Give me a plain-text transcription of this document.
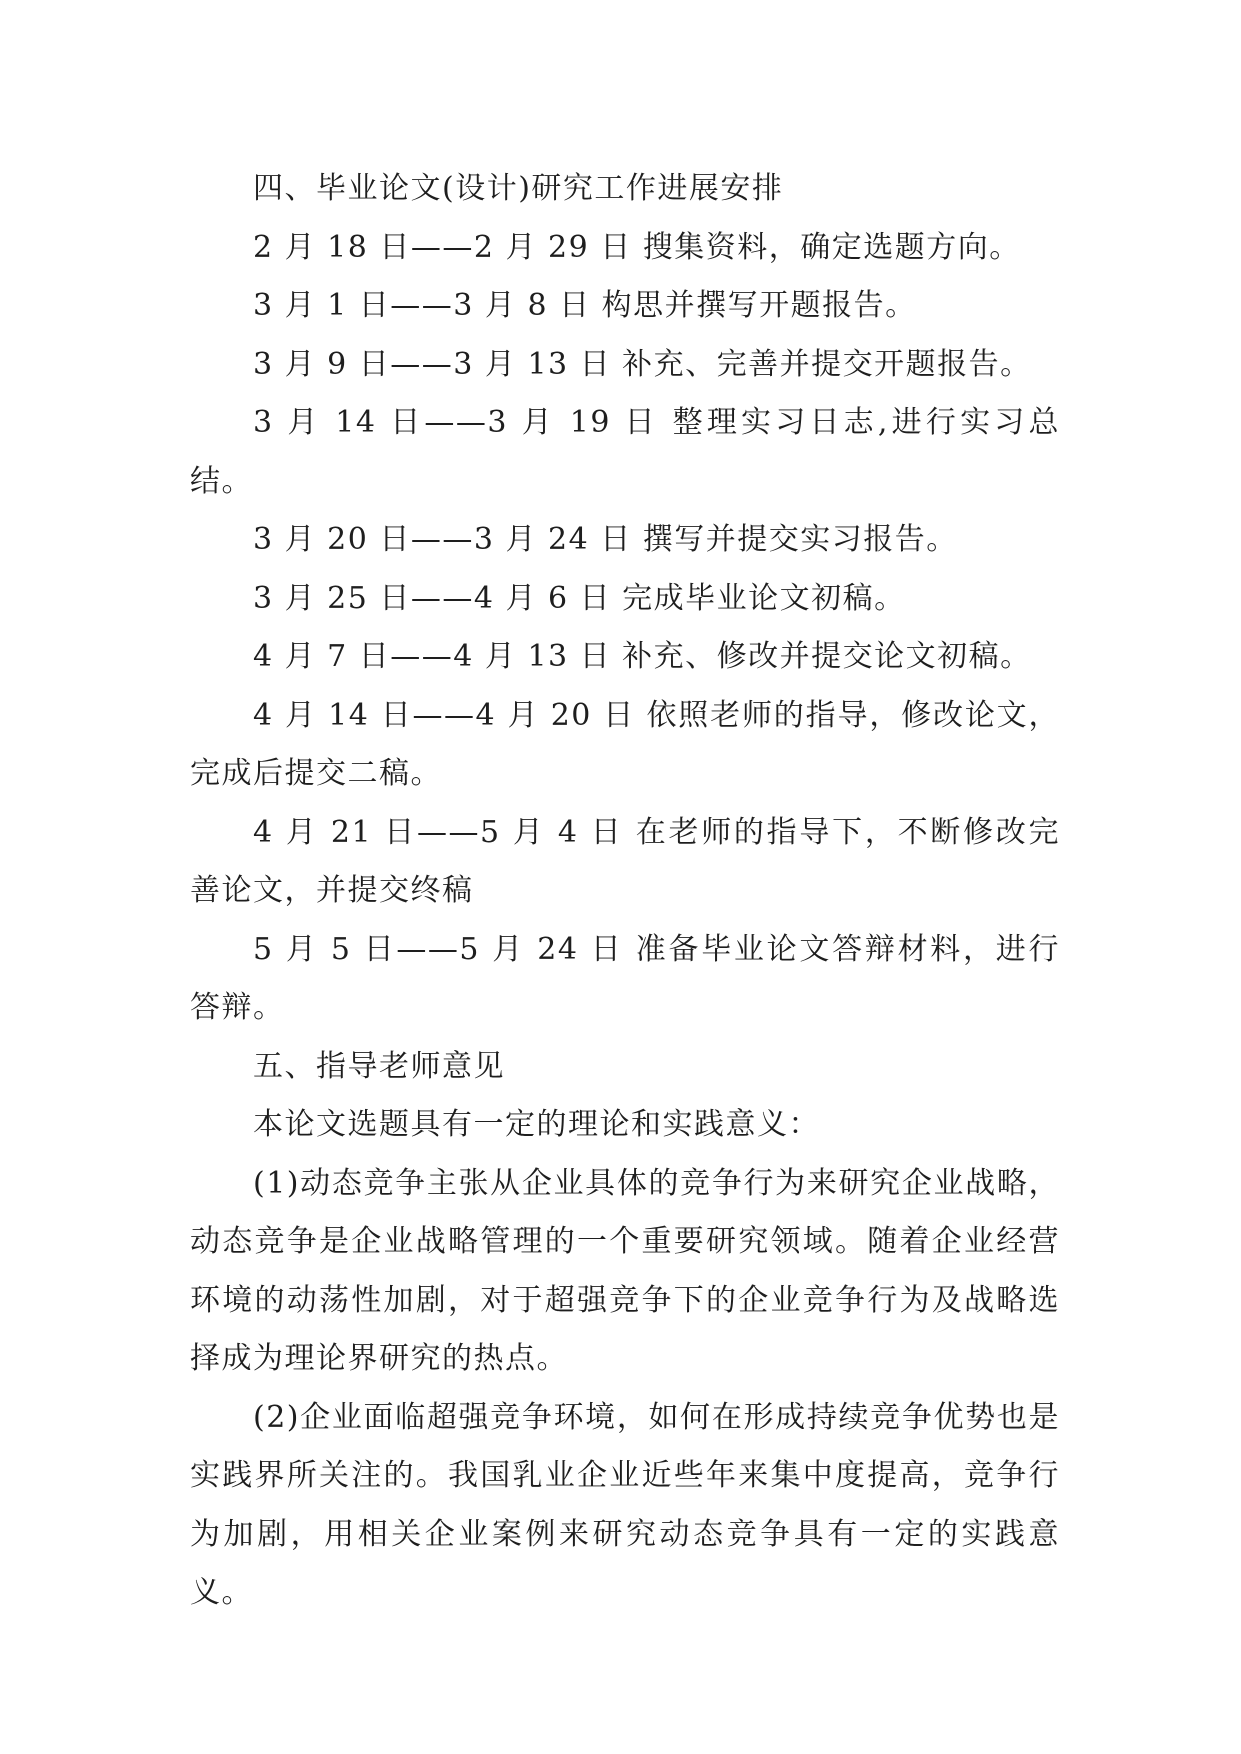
四、毕业论文(设计)研究工作进展安排

2 月 18 日——2 月 29 日 搜集资料，确定选题方向。

3 月 1 日——3 月 8 日 构思并撰写开题报告。

3 月 9 日——3 月 13 日 补充、完善并提交开题报告。

3 月 14 日——3 月 19 日 整理实习日志,进行实习总结。

3 月 20 日——3 月 24 日 撰写并提交实习报告。

3 月 25 日——4 月 6 日 完成毕业论文初稿。

4 月 7 日——4 月 13 日 补充、修改并提交论文初稿。

4 月 14 日——4 月 20 日 依照老师的指导，修改论文，完成后提交二稿。

4 月 21 日——5 月 4 日 在老师的指导下，不断修改完善论文，并提交终稿

5 月 5 日——5 月 24 日 准备毕业论文答辩材料，进行答辩。

五、指导老师意见

本论文选题具有一定的理论和实践意义：

(1)动态竞争主张从企业具体的竞争行为来研究企业战略，动态竞争是企业战略管理的一个重要研究领域。随着企业经营环境的动荡性加剧，对于超强竞争下的企业竞争行为及战略选择成为理论界研究的热点。

(2)企业面临超强竞争环境，如何在形成持续竞争优势也是实践界所关注的。我国乳业企业近些年来集中度提高，竞争行为加剧，用相关企业案例来研究动态竞争具有一定的实践意义。
